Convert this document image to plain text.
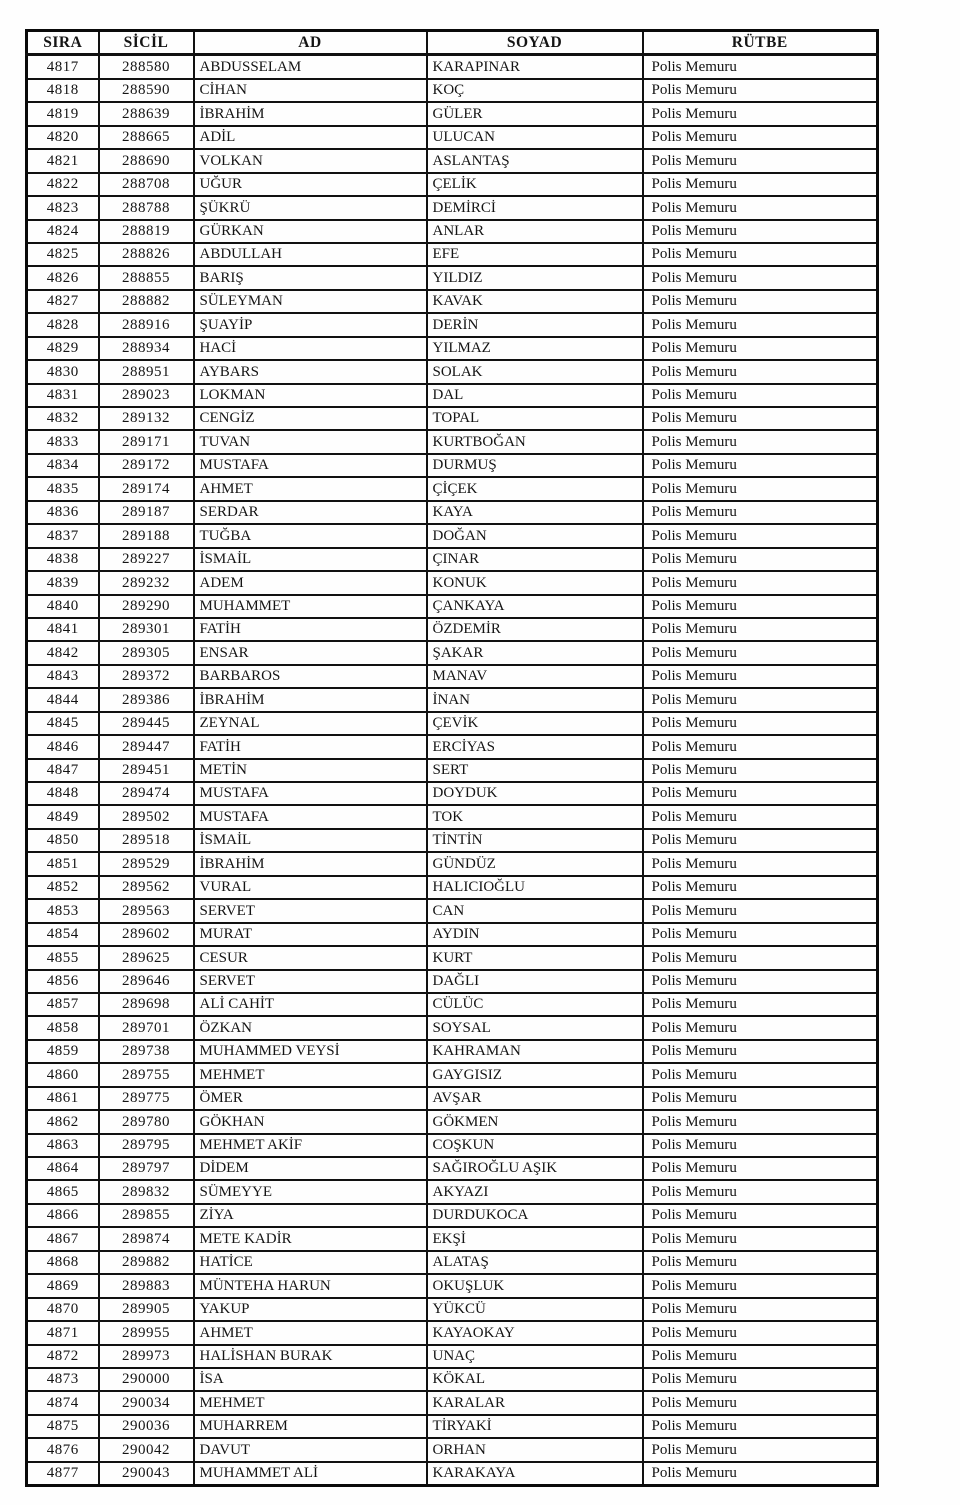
SIRA	SİCİL	AD	SOYAD	RÜTBE
4817	288580	ABDUSSELAM	KARAPINAR	Polis Memuru
4818	288590	CİHAN	KOÇ	Polis Memuru
4819	288639	İBRAHİM	GÜLER	Polis Memuru
4820	288665	ADİL	ULUCAN	Polis Memuru
4821	288690	VOLKAN	ASLANTAŞ	Polis Memuru
4822	288708	UĞUR	ÇELİK	Polis Memuru
4823	288788	ŞÜKRÜ	DEMİRCİ	Polis Memuru
4824	288819	GÜRKAN	ANLAR	Polis Memuru
4825	288826	ABDULLAH	EFE	Polis Memuru
4826	288855	BARIŞ	YILDIZ	Polis Memuru
4827	288882	SÜLEYMAN	KAVAK	Polis Memuru
4828	288916	ŞUAYİP	DERİN	Polis Memuru
4829	288934	HACİ	YILMAZ	Polis Memuru
4830	288951	AYBARS	SOLAK	Polis Memuru
4831	289023	LOKMAN	DAL	Polis Memuru
4832	289132	CENGİZ	TOPAL	Polis Memuru
4833	289171	TUVAN	KURTBOĞAN	Polis Memuru
4834	289172	MUSTAFA	DURMUŞ	Polis Memuru
4835	289174	AHMET	ÇİÇEK	Polis Memuru
4836	289187	SERDAR	KAYA	Polis Memuru
4837	289188	TUĞBA	DOĞAN	Polis Memuru
4838	289227	İSMAİL	ÇINAR	Polis Memuru
4839	289232	ADEM	KONUK	Polis Memuru
4840	289290	MUHAMMET	ÇANKAYA	Polis Memuru
4841	289301	FATİH	ÖZDEMİR	Polis Memuru
4842	289305	ENSAR	ŞAKAR	Polis Memuru
4843	289372	BARBAROS	MANAV	Polis Memuru
4844	289386	İBRAHİM	İNAN	Polis Memuru
4845	289445	ZEYNAL	ÇEVİK	Polis Memuru
4846	289447	FATİH	ERCİYAS	Polis Memuru
4847	289451	METİN	SERT	Polis Memuru
4848	289474	MUSTAFA	DOYDUK	Polis Memuru
4849	289502	MUSTAFA	TOK	Polis Memuru
4850	289518	İSMAİL	TİNTİN	Polis Memuru
4851	289529	İBRAHİM	GÜNDÜZ	Polis Memuru
4852	289562	VURAL	HALICIOĞLU	Polis Memuru
4853	289563	SERVET	CAN	Polis Memuru
4854	289602	MURAT	AYDIN	Polis Memuru
4855	289625	CESUR	KURT	Polis Memuru
4856	289646	SERVET	DAĞLI	Polis Memuru
4857	289698	ALİ CAHİT	CÜLÜC	Polis Memuru
4858	289701	ÖZKAN	SOYSAL	Polis Memuru
4859	289738	MUHAMMED VEYSİ	KAHRAMAN	Polis Memuru
4860	289755	MEHMET	GAYGISIZ	Polis Memuru
4861	289775	ÖMER	AVŞAR	Polis Memuru
4862	289780	GÖKHAN	GÖKMEN	Polis Memuru
4863	289795	MEHMET AKİF	COŞKUN	Polis Memuru
4864	289797	DİDEM	SAĞIROĞLU AŞIK	Polis Memuru
4865	289832	SÜMEYYE	AKYAZI	Polis Memuru
4866	289855	ZİYA	DURDUKOCA	Polis Memuru
4867	289874	METE KADİR	EKŞİ	Polis Memuru
4868	289882	HATİCE	ALATAŞ	Polis Memuru
4869	289883	MÜNTEHA HARUN	OKUŞLUK	Polis Memuru
4870	289905	YAKUP	YÜKCÜ	Polis Memuru
4871	289955	AHMET	KAYAOKAY	Polis Memuru
4872	289973	HALİSHAN BURAK	UNAÇ	Polis Memuru
4873	290000	İSA	KÖKAL	Polis Memuru
4874	290034	MEHMET	KARALAR	Polis Memuru
4875	290036	MUHARREM	TİRYAKİ	Polis Memuru
4876	290042	DAVUT	ORHAN	Polis Memuru
4877	290043	MUHAMMET ALİ	KARAKAYA	Polis Memuru
